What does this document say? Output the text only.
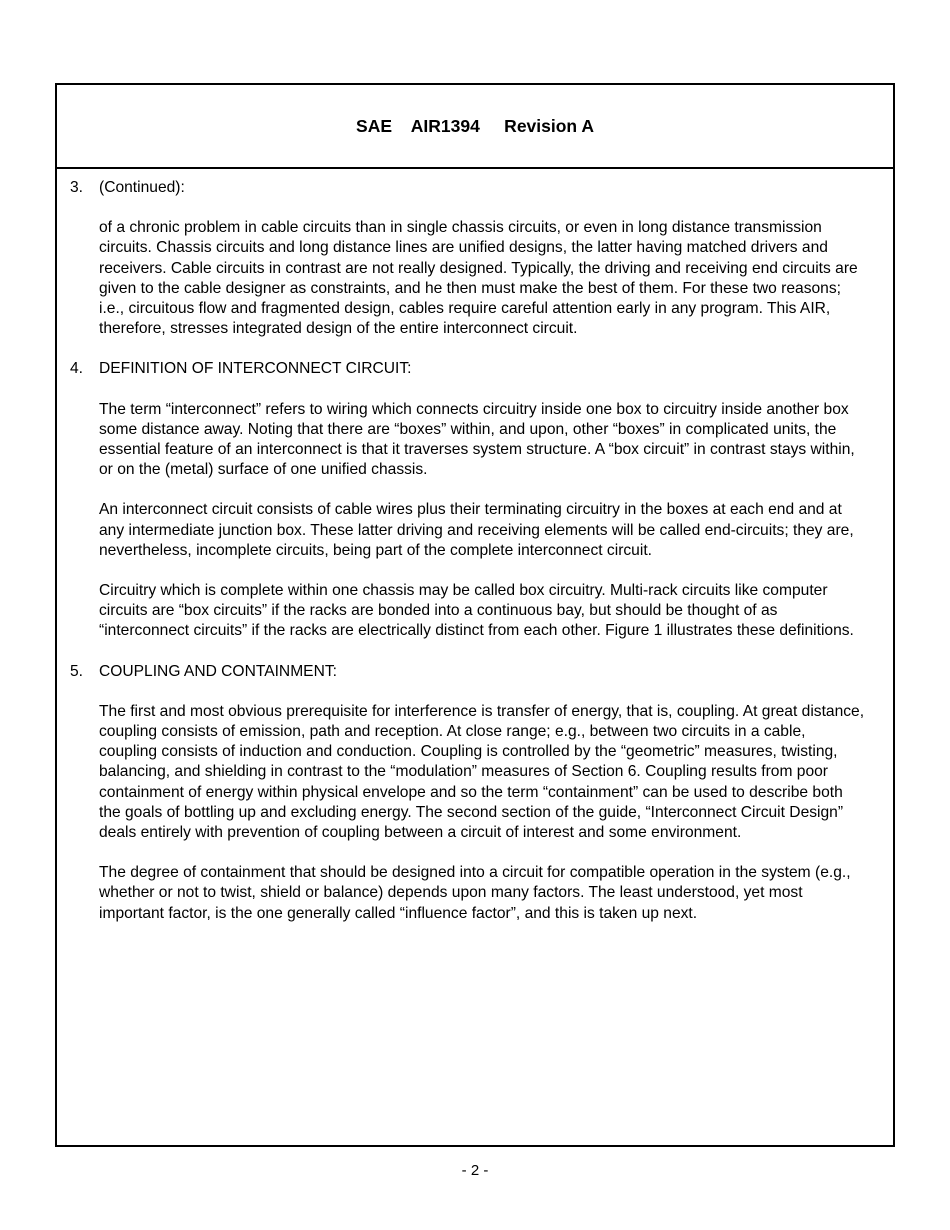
SAE    AIR1394     Revision A
3.	(Continued):

of a chronic problem in cable circuits than in single chassis circuits, or even in long distance transmission circuits. Chassis circuits and long distance lines are unified designs, the latter having matched drivers and receivers. Cable circuits in contrast are not really designed. Typically, the driving and receiving end circuits are given to the cable designer as constraints, and he then must make the best of them. For these two reasons; i.e., circuitous flow and fragmented design, cables require careful attention early in any program. This AIR, therefore, stresses integrated design of the entire interconnect circuit.

4.	DEFINITION OF INTERCONNECT CIRCUIT:

The term “interconnect” refers to wiring which connects circuitry inside one box to circuitry inside another box some distance away. Noting that there are “boxes” within, and upon, other “boxes” in complicated units, the essential feature of an interconnect is that it traverses system structure. A “box circuit” in contrast stays within, or on the (metal) surface of one unified chassis.

An interconnect circuit consists of cable wires plus their terminating circuitry in the boxes at each end and at any intermediate junction box. These latter driving and receiving elements will be called end-circuits; they are, nevertheless, incomplete circuits, being part of the complete interconnect circuit.

Circuitry which is complete within one chassis may be called box circuitry. Multi-rack circuits like computer circuits are “box circuits” if the racks are bonded into a continuous bay, but should be thought of as “interconnect circuits” if the racks are electrically distinct from each other. Figure 1 illustrates these definitions.

5.	COUPLING AND CONTAINMENT:

The first and most obvious prerequisite for interference is transfer of energy, that is, coupling. At great distance, coupling consists of emission, path and reception. At close range; e.g., between two circuits in a cable, coupling consists of induction and conduction. Coupling is controlled by the “geometric” measures, twisting, balancing, and shielding in contrast to the “modulation” measures of Section 6. Coupling results from poor containment of energy within physical envelope and so the term “containment” can be used to describe both the goals of bottling up and excluding energy. The second section of the guide, “Interconnect Circuit Design” deals entirely with prevention of coupling between a circuit of interest and some environment.

The degree of containment that should be designed into a circuit for compatible operation in the system (e.g., whether or not to twist, shield or balance) depends upon many factors. The least understood, yet most important factor, is the one generally called “influence factor”, and this is taken up next.

- 2 -
